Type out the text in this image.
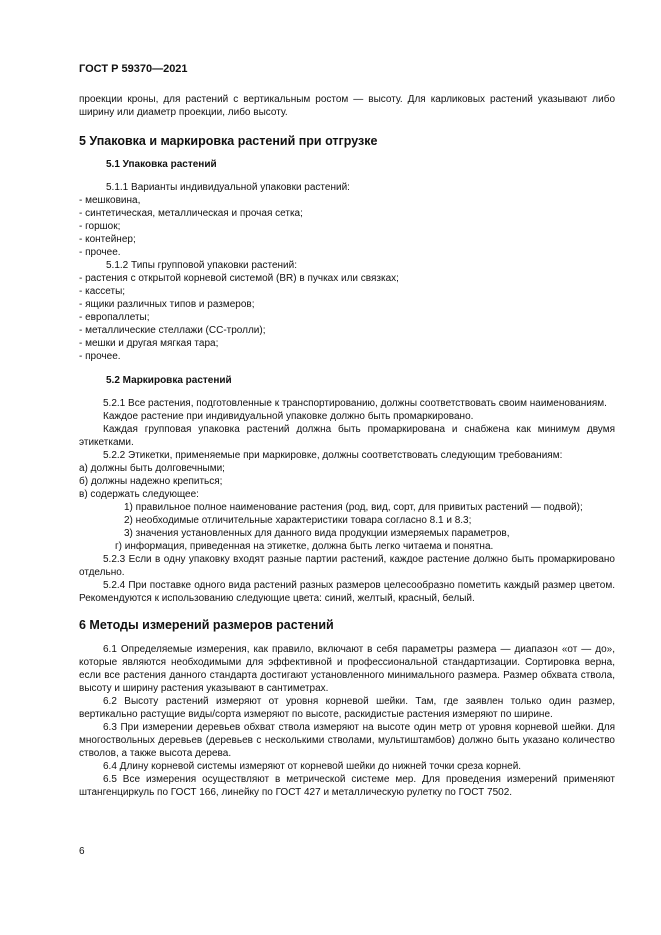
ГОСТ Р 59370—2021

проекции кроны, для растений с вертикальным ростом — высоту. Для карликовых растений указывают либо ширину или диаметр проекции, либо высоту.

5 Упаковка и маркировка растений при отгрузке

5.1 Упаковка растений

5.1.1 Варианты индивидуальной упаковки растений:

- мешковина,

- синтетическая, металлическая и прочая сетка;

- горшок;

- контейнер;

- прочее.

5.1.2 Типы групповой упаковки растений:

- растения с открытой корневой системой (BR) в пучках или связках;

- кассеты;

- ящики различных типов и размеров;

- европаллеты;

- металлические стеллажи (СС-тролли);

- мешки и другая мягкая тара;

- прочее.

5.2 Маркировка растений

5.2.1 Все растения, подготовленные к транспортированию, должны соответствовать своим наименованиям.

Каждое растение при индивидуальной упаковке должно быть промаркировано.

Каждая групповая упаковка растений должна быть промаркирована и снабжена как минимум двумя этикетками.

5.2.2 Этикетки, применяемые при маркировке, должны соответствовать следующим требованиям:

а) должны быть долговечными;

б) должны надежно крепиться;

в) содержать следующее:

1) правильное полное наименование растения (род, вид, сорт, для привитых растений — подвой);

2) необходимые отличительные характеристики товара согласно 8.1 и 8.3;

3) значения установленных для данного вида продукции измеряемых параметров,

г) информация, приведенная на этикетке, должна быть легко читаема и понятна.

5.2.3 Если в одну упаковку входят разные партии растений, каждое растение должно быть промаркировано отдельно.

5.2.4 При поставке одного вида растений разных размеров целесообразно пометить каждый размер цветом. Рекомендуются к использованию следующие цвета: синий, желтый, красный, белый.

6 Методы измерений размеров растений

6.1 Определяемые измерения, как правило, включают в себя параметры размера — диапазон «от — до», которые являются необходимыми для эффективной и профессиональной стандартизации. Сортировка верна, если все растения данного стандарта достигают установленного минимального размера. Размер обхвата ствола, высоту и ширину растения указывают в сантиметрах.

6.2 Высоту растений измеряют от уровня корневой шейки. Там, где заявлен только один размер, вертикально растущие виды/сорта измеряют по высоте, раскидистые растения измеряют по ширине.

6.3 При измерении деревьев обхват ствола измеряют на высоте один метр от уровня корневой шейки. Для многоствольных деревьев (деревьев с несколькими стволами, мультиштамбов) должно быть указано количество стволов, а также высота дерева.

6.4 Длину корневой системы измеряют от корневой шейки до нижней точки среза корней.

6.5 Все измерения осуществляют в метрической системе мер. Для проведения измерений применяют штангенциркуль по ГОСТ 166, линейку по ГОСТ 427 и металлическую рулетку по ГОСТ 7502.

6
